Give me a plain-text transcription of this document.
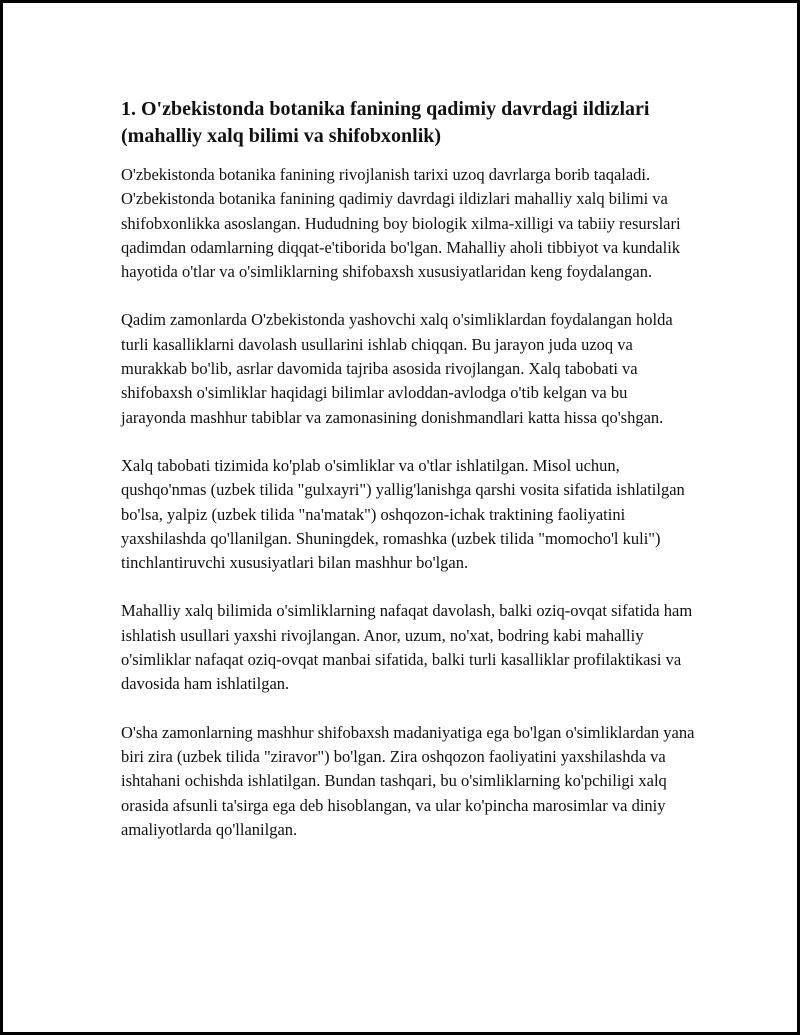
1. O'zbekistonda botanika fanining qadimiy davrdagi ildizlari (mahalliy xalq bilimi va shifobxonlik)

O'zbekistonda botanika fanining rivojlanish tarixi uzoq davrlarga borib taqaladi. O'zbekistonda botanika fanining qadimiy davrdagi ildizlari mahalliy xalq bilimi va shifobxonlikka asoslangan. Hududning boy biologik xilma-xilligi va tabiiy resurslari qadimdan odamlarning diqqat-e'tiborida bo'lgan. Mahalliy aholi tibbiyot va kundalik hayotida o'tlar va o'simliklarning shifobaxsh xususiyatlaridan keng foydalangan.

Qadim zamonlarda O'zbekistonda yashovchi xalq o'simliklardan foydalangan holda turli kasalliklarni davolash usullarini ishlab chiqqan. Bu jarayon juda uzoq va murakkab bo'lib, asrlar davomida tajriba asosida rivojlangan. Xalq tabobati va shifobaxsh o'simliklar haqidagi bilimlar avloddan-avlodga o'tib kelgan va bu jarayonda mashhur tabiblar va zamonasining donishmandlari katta hissa qo'shgan.

Xalq tabobati tizimida ko'plab o'simliklar va o'tlar ishlatilgan. Misol uchun, qushqo'nmas (uzbek tilida "gulxayri") yallig'lanishga qarshi vosita sifatida ishlatilgan bo'lsa, yalpiz (uzbek tilida "na'matak") oshqozon-ichak traktining faoliyatini yaxshilashda qo'llanilgan. Shuningdek, romashka (uzbek tilida "momocho'l kuli") tinchlantiruvchi xususiyatlari bilan mashhur bo'lgan.

Mahalliy xalq bilimida o'simliklarning nafaqat davolash, balki oziq-ovqat sifatida ham ishlatish usullari yaxshi rivojlangan. Anor, uzum, no'xat, bodring kabi mahalliy o'simliklar nafaqat oziq-ovqat manbai sifatida, balki turli kasalliklar profilaktikasi va davosida ham ishlatilgan.

O'sha zamonlarning mashhur shifobaxsh madaniyatiga ega bo'lgan o'simliklardan yana biri zira (uzbek tilida "ziravor") bo'lgan. Zira oshqozon faoliyatini yaxshilashda va ishtahani ochishda ishlatilgan. Bundan tashqari, bu o'simliklarning ko'pchiligi xalq orasida afsunli ta'sirga ega deb hisoblangan, va ular ko'pincha marosimlar va diniy amaliyotlarda qo'llanilgan.
